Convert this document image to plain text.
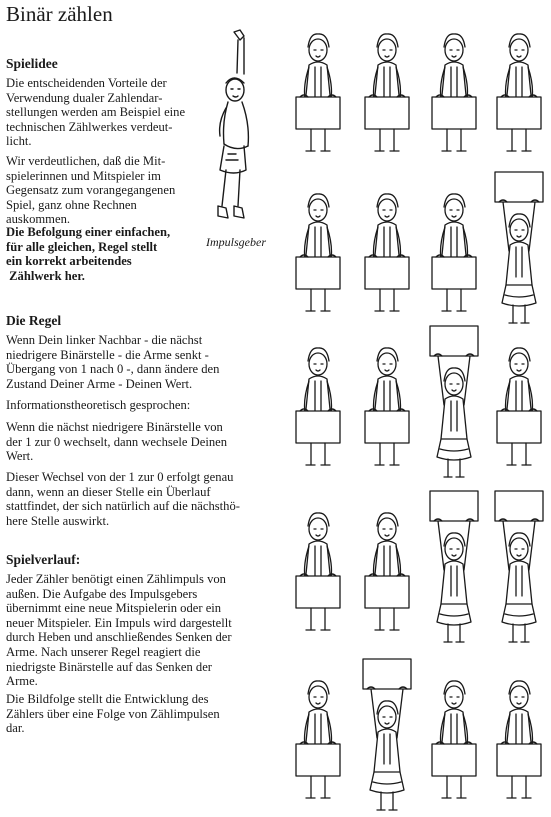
Binär zählen
Spielidee
Die entscheidenden Vorteile der
Verwendung dualer Zahlendar-
stellungen werden am Beispiel eine
technischen Zählwerkes verdeut-
licht.
Wir verdeutlichen, daß die Mit-
spielerinnen und Mitspieler im
Gegensatz zum vorangegangenen
Spiel, ganz ohne Rechnen
auskommen.
Die Befolgung einer einfachen,
für alle gleichen, Regel stellt
ein korrekt arbeitendes
Zählwerk her.
Impulsgeber
Die Regel
Wenn Dein linker Nachbar - die nächst
niedrigere Binärstelle - die Arme senkt -
Übergang von 1 nach 0 -, dann ändere den
Zustand Deiner Arme - Deinen Wert.
Informationstheoretisch gesprochen:
Wenn die nächst niedrigere Binärstelle von
der 1 zur 0 wechselt, dann wechsele Deinen
Wert.
Dieser Wechsel von der 1 zur 0 erfolgt genau
dann, wenn an dieser Stelle ein Überlauf
stattfindet, der sich natürlich auf die nächsthö-
here Stelle auswirkt.
Spielverlauf:
Jeder Zähler benötigt einen Zählimpuls von
außen. Die Aufgabe des Impulsgebers
übernimmt eine neue Mitspielerin oder ein
neuer Mitspieler. Ein Impuls wird dargestellt
durch Heben und anschließendes Senken der
Arme. Nach unserer Regel reagiert die
niedrigste Binärstelle auf das Senken der
Arme.
Die Bildfolge stellt die Entwicklung des
Zählers über eine Folge von Zählimpulsen
dar.
